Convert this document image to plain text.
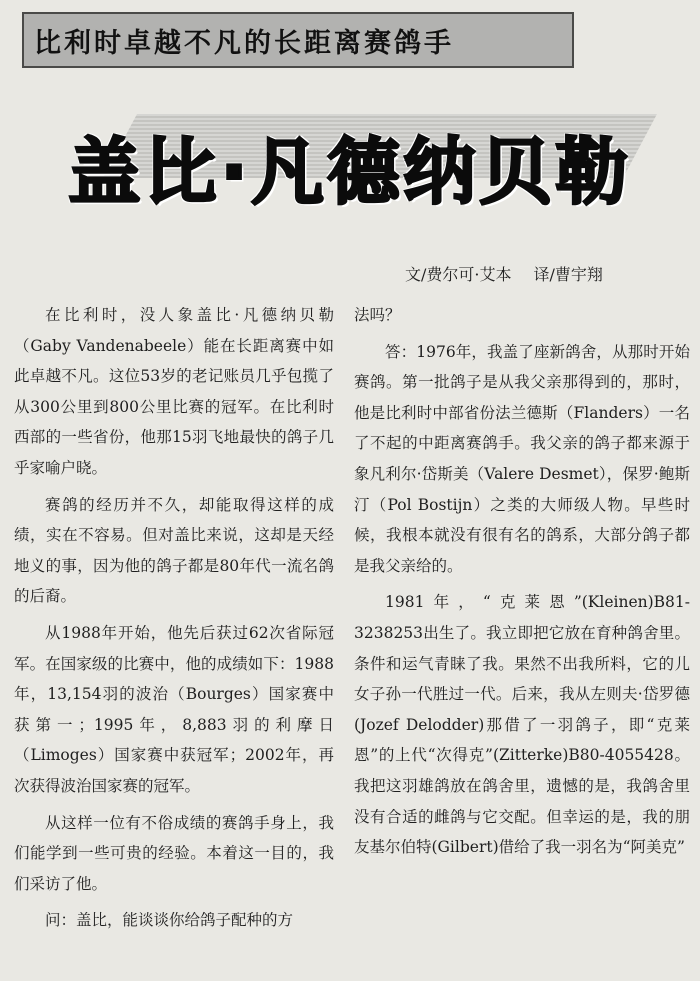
比利时卓越不凡的长距离赛鸽手
盖比·凡德纳贝勒
文/费尔可·艾本 译/曹宇翔

在比利时，没人象盖比·凡德纳贝勒（Gaby Vandenabeele）能在长距离赛中如此卓越不凡。这位53岁的老记账员几乎包揽了从300公里到800公里比赛的冠军。在比利时西部的一些省份，他那15羽飞地最快的鸽子几乎家喻户晓。

赛鸽的经历并不久，却能取得这样的成绩，实在不容易。但对盖比来说，这却是天经地义的事，因为他的鸽子都是80年代一流名鸽的后裔。

从1988年开始，他先后获过62次省际冠军。在国家级的比赛中，他的成绩如下：1988年，13,154羽的波治（Bourges）国家赛中获第一；1995年，8,883羽的利摩日（Limoges）国家赛中获冠军；2002年，再次获得波治国家赛的冠军。

从这样一位有不俗成绩的赛鸽手身上，我们能学到一些可贵的经验。本着这一目的，我们采访了他。

问：盖比，能谈谈你给鸽子配种的方

法吗？

答：1976年，我盖了座新鸽舍，从那时开始赛鸽。第一批鸽子是从我父亲那得到的，那时，他是比利时中部省份法兰德斯（Flanders）一名了不起的中距离赛鸽手。我父亲的鸽子都来源于象凡利尔·岱斯美（Valere Desmet），保罗·鲍斯汀（Pol Bostijn）之类的大师级人物。早些时候，我根本就没有很有名的鸽系，大部分鸽子都是我父亲给的。

1981年，“克莱恩”(Kleinen)B81-3238253出生了。我立即把它放在育种鸽舍里。条件和运气青睐了我。果然不出我所料，它的儿女子孙一代胜过一代。后来，我从左则夫·岱罗德(Jozef Delodder)那借了一羽鸽子，即“克莱恩”的上代“次得克”(Zitterke)B80-4055428。我把这羽雄鸽放在鸽舍里，遗憾的是，我鸽舍里没有合适的雌鸽与它交配。但幸运的是，我的朋友基尔伯特(Gilbert)借给了我一羽名为“阿美克”
